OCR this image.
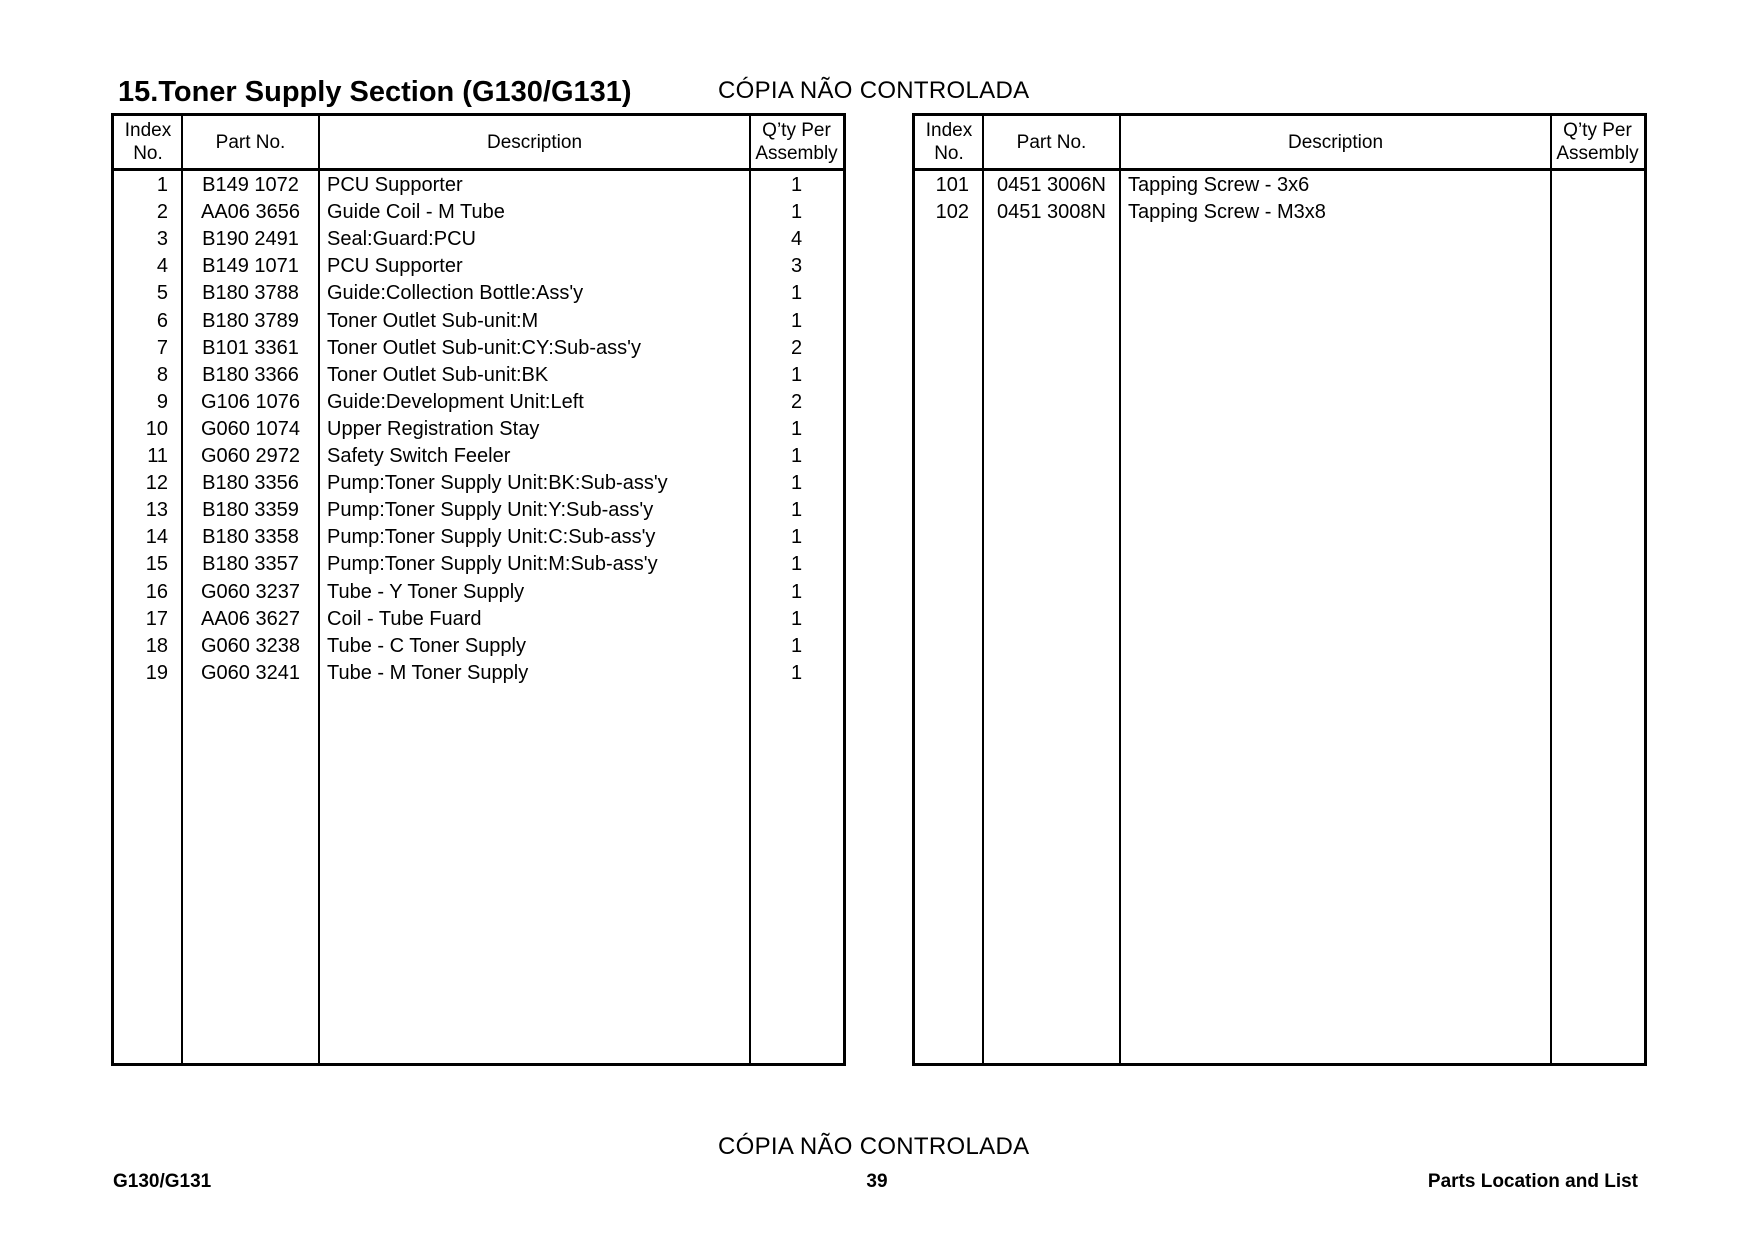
15.Toner Supply Section (G130/G131)	CÓPIA NÃO CONTROLADA
Index
No.
Part No.	Description
Q’ty Per
Assembly
1	B149 1072	PCU Supporter	1
2	AA06 3656	Guide Coil - M Tube	1
3	B190 2491	Seal:Guard:PCU	4
4	B149 1071	PCU Supporter	3
5	B180 3788	Guide:Collection Bottle:Ass'y	1
6	B180 3789	Toner Outlet Sub-unit:M	1
7	B101 3361	Toner Outlet Sub-unit:CY:Sub-ass'y	2
8	B180 3366	Toner Outlet Sub-unit:BK	1
9	G106 1076	Guide:Development Unit:Left	2
10	G060 1074	Upper Registration Stay	1
11	G060 2972	Safety Switch Feeler	1
12	B180 3356	Pump:Toner Supply Unit:BK:Sub-ass'y	1
13	B180 3359	Pump:Toner Supply Unit:Y:Sub-ass'y	1
14	B180 3358	Pump:Toner Supply Unit:C:Sub-ass'y	1
15	B180 3357	Pump:Toner Supply Unit:M:Sub-ass'y	1
16	G060 3237	Tube - Y Toner Supply	1
17	AA06 3627	Coil - Tube Fuard	1
18	G060 3238	Tube - C Toner Supply	1
19	G060 3241	Tube - M Toner Supply	1
Index
No.
Part No.	Description
Q’ty Per
Assembly
101	0451 3006N	Tapping Screw - 3x6
102	0451 3008N	Tapping Screw - M3x8
CÓPIA NÃO CONTROLADA
G130/G131	39	Parts Location and List
